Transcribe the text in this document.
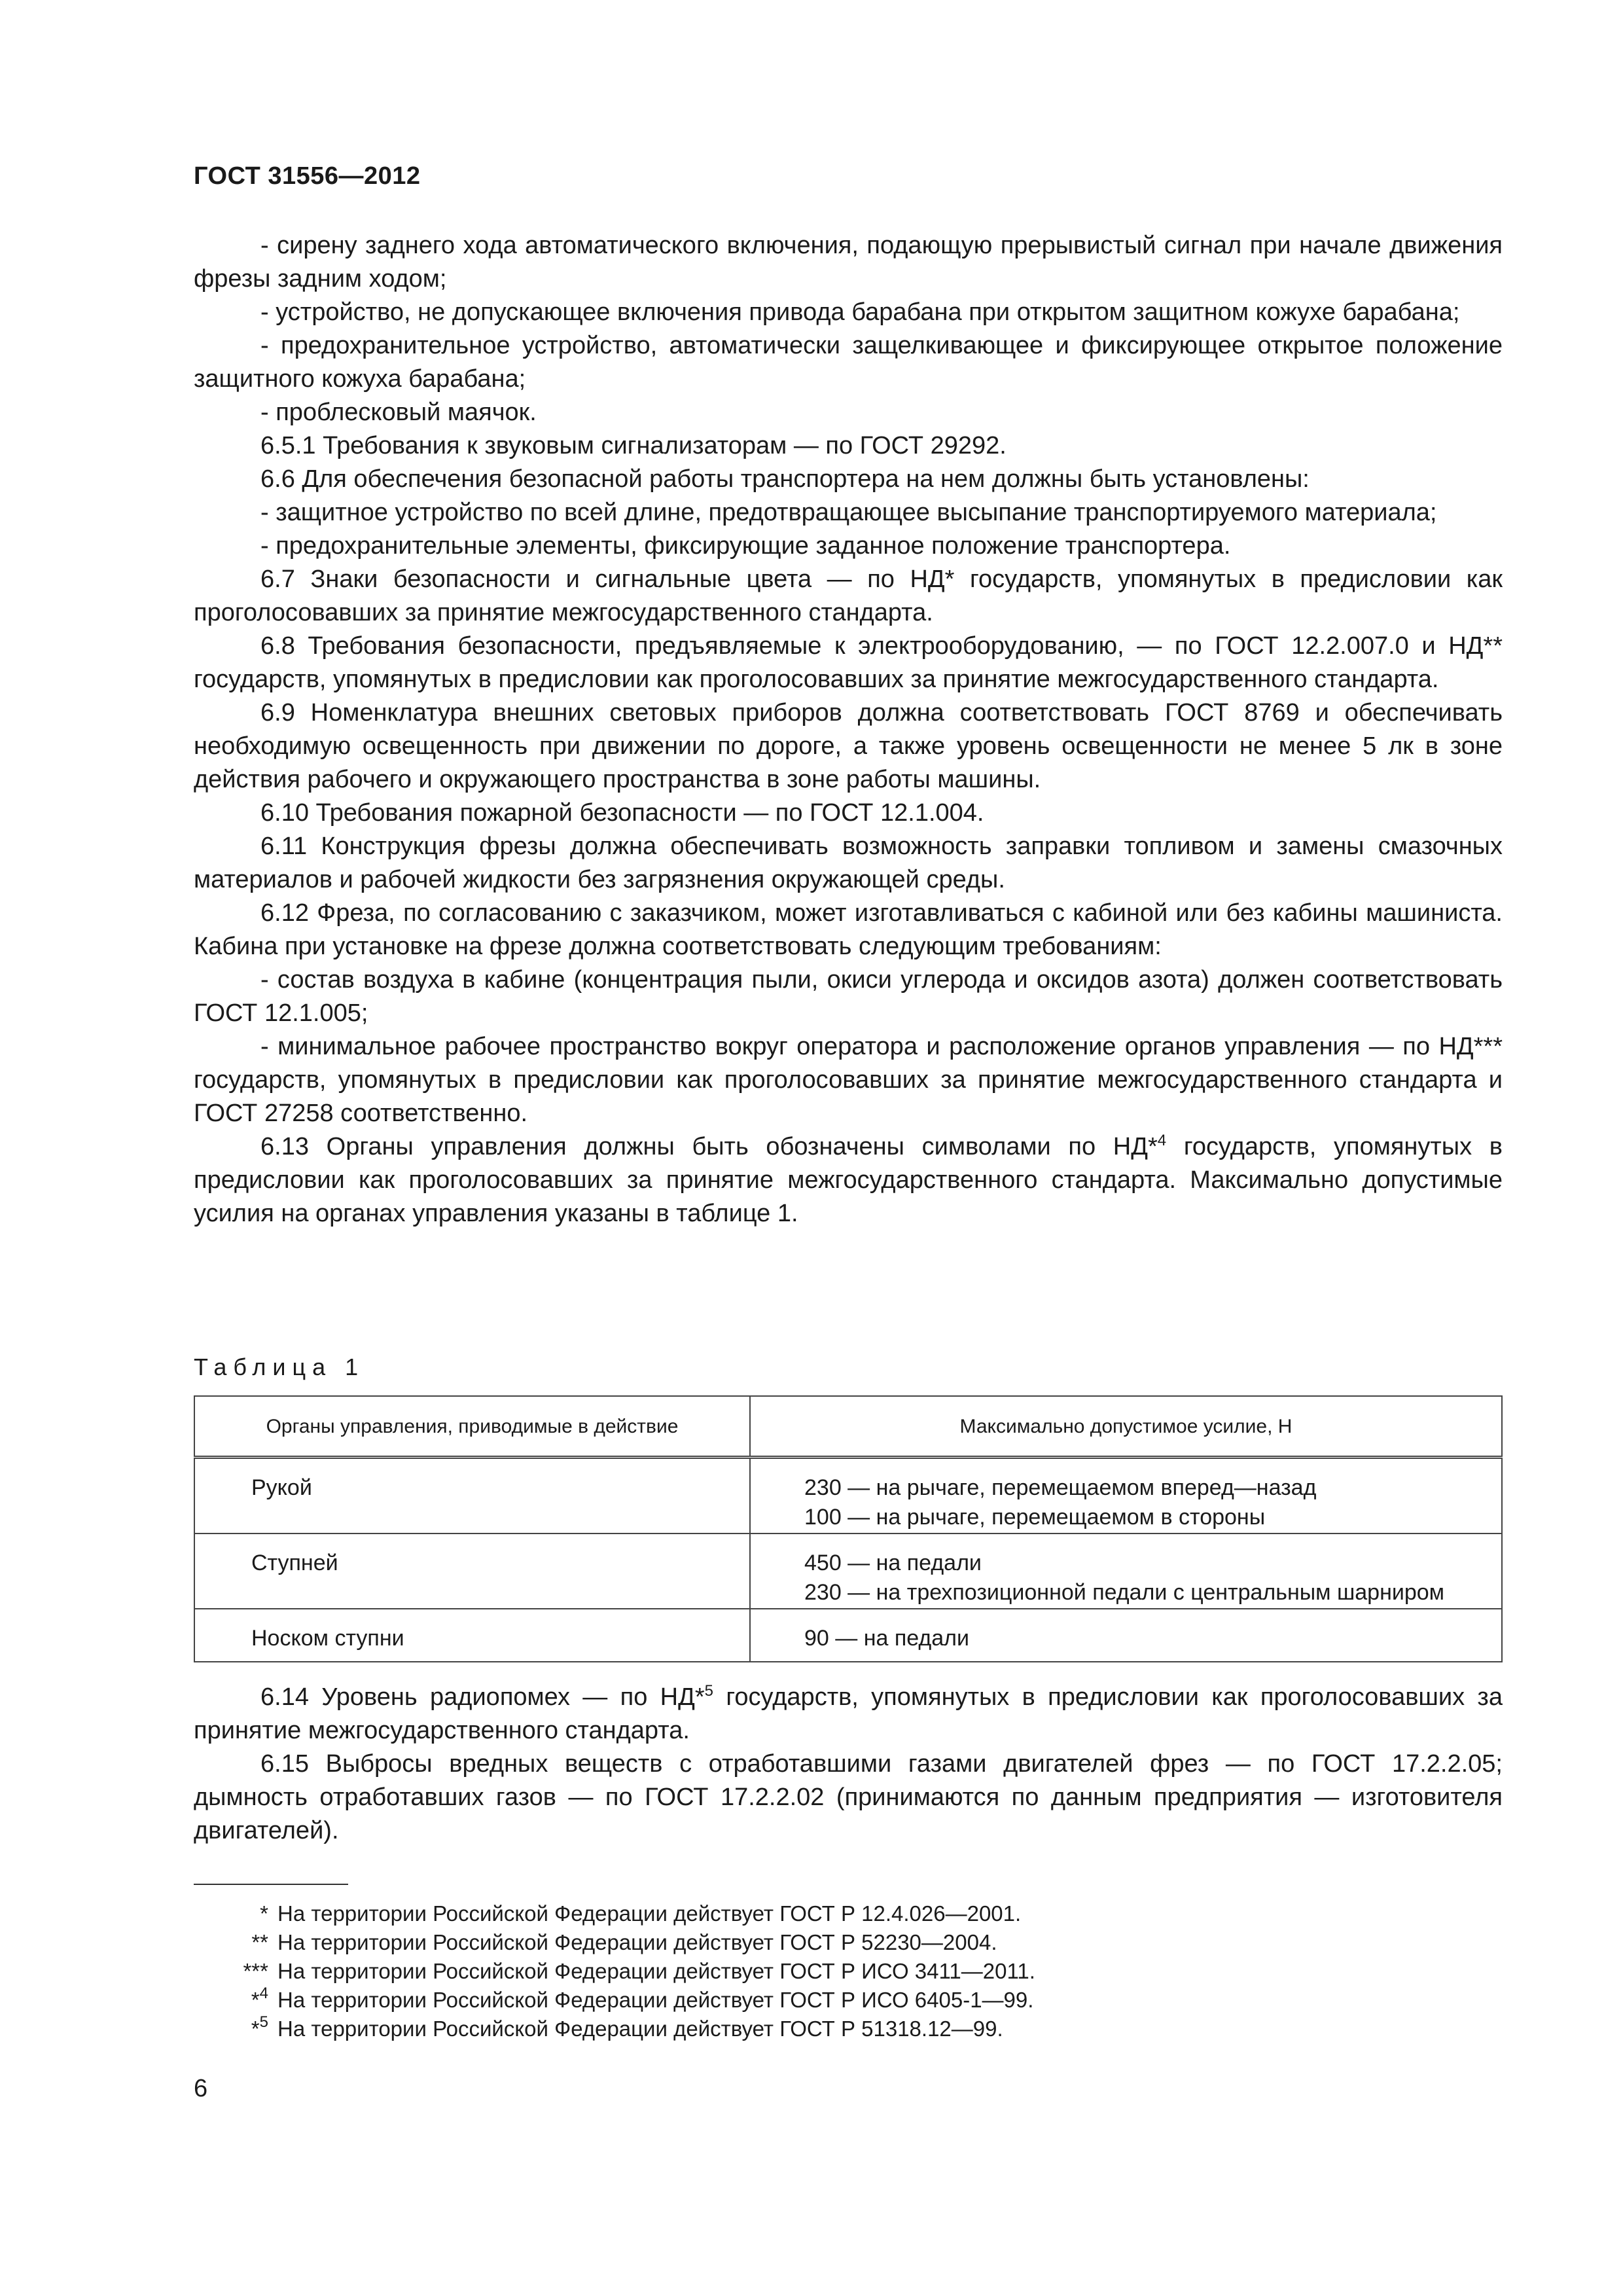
ГОСТ 31556—2012

- сирену заднего хода автоматического включения, подающую прерывистый сигнал при начале движения фрезы задним ходом;

- устройство, не допускающее включения привода барабана при открытом защитном кожухе барабана;

- предохранительное устройство, автоматически защелкивающее и фиксирующее открытое положение защитного кожуха барабана;

- проблесковый маячок.

6.5.1 Требования к звуковым сигнализаторам — по ГОСТ 29292.

6.6 Для обеспечения безопасной работы транспортера на нем должны быть установлены:

- защитное устройство по всей длине, предотвращающее высыпание транспортируемого материала;

- предохранительные элементы, фиксирующие заданное положение транспортера.

6.7 Знаки безопасности и сигнальные цвета — по НД* государств, упомянутых в предисловии как проголосовавших за принятие межгосударственного стандарта.

6.8 Требования безопасности, предъявляемые к электрооборудованию, — по ГОСТ 12.2.007.0 и НД** государств, упомянутых в предисловии как проголосовавших за принятие межгосударственного стандарта.

6.9 Номенклатура внешних световых приборов должна соответствовать ГОСТ 8769 и обеспечивать необходимую освещенность при движении по дороге, а также уровень освещенности не менее 5 лк в зоне действия рабочего и окружающего пространства в зоне работы машины.

6.10 Требования пожарной безопасности — по ГОСТ 12.1.004.

6.11 Конструкция фрезы должна обеспечивать возможность заправки топливом и замены смазочных материалов и рабочей жидкости без загрязнения окружающей среды.

6.12 Фреза, по согласованию с заказчиком, может изготавливаться с кабиной или без кабины машиниста. Кабина при установке на фрезе должна соответствовать следующим требованиям:

- состав воздуха в кабине (концентрация пыли, окиси углерода и оксидов азота) должен соответствовать ГОСТ 12.1.005;

- минимальное рабочее пространство вокруг оператора и расположение органов управления — по НД*** государств, упомянутых в предисловии как проголосовавших за принятие межгосударственного стандарта и ГОСТ 27258 соответственно.

6.13 Органы управления должны быть обозначены символами по НД*$^4$ государств, упомянутых в предисловии как проголосовавших за принятие межгосударственного стандарта. Максимально допустимые усилия на органах управления указаны в таблице 1.

Таблица 1
Органы управления, приводимые в действие	Максимально допустимое усилие, Н
Рукой	230 — на рычаге, перемещаемом вперед—назад
100 — на рычаге, перемещаемом в стороны

Ступней	450 — на педали
230 — на трехпозиционной педали с центральным шарниром

Носком ступни	90 — на педали

6.14 Уровень радиопомех — по НД*$^5$ государств, упомянутых в предисловии как проголосовавших за принятие межгосударственного стандарта.

6.15 Выбросы вредных веществ с отработавшими газами двигателей фрез — по ГОСТ 17.2.2.05; дымность отработавших газов — по ГОСТ 17.2.2.02 (принимаются по данным предприятия — изготовителя двигателей).

* На территории Российской Федерации действует ГОСТ Р 12.4.026—2001.
** На территории Российской Федерации действует ГОСТ Р 52230—2004.
*** На территории Российской Федерации действует ГОСТ Р ИСО 3411—2011.
*$^4$ На территории Российской Федерации действует ГОСТ Р ИСО 6405-1—99.
*$^5$ На территории Российской Федерации действует ГОСТ Р 51318.12—99.
6
